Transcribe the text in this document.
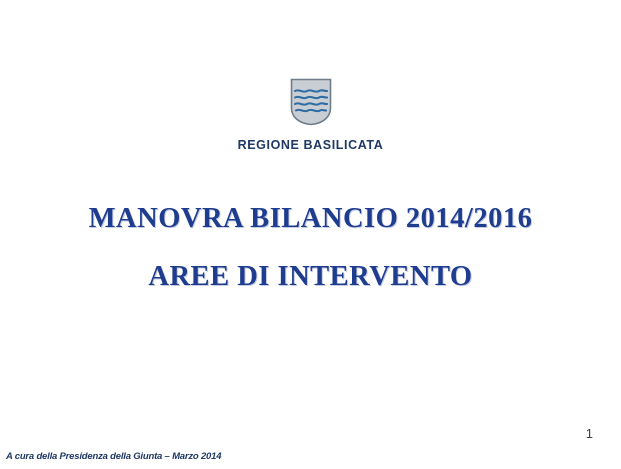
REGIONE BASILICATA
MANOVRA BILANCIO 2014/2016
AREE DI INTERVENTO
A cura della Presidenza della Giunta – Marzo 2014
1
